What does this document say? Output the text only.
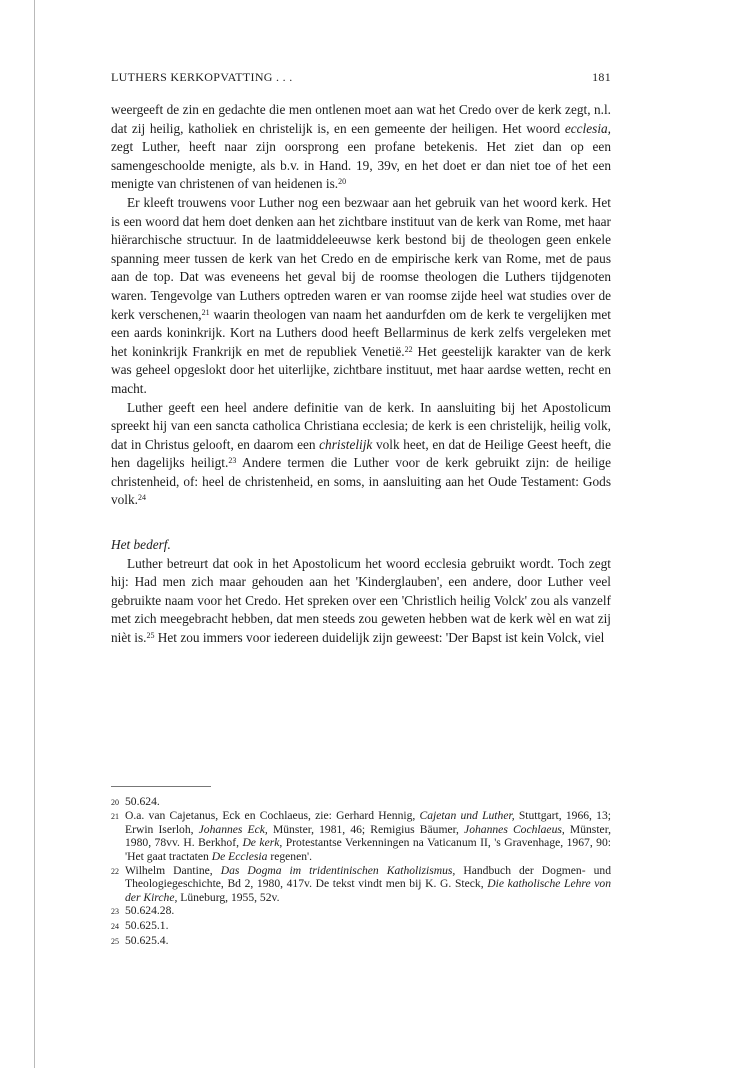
LUTHERS KERKOPVATTING . . .	181

weergeeft de zin en gedachte die men ontlenen moet aan wat het Credo over de kerk zegt, n.l. dat zij heilig, katholiek en christelijk is, en een gemeente der heiligen. Het woord ecclesia, zegt Luther, heeft naar zijn oorsprong een profane betekenis. Het ziet dan op een samengeschoolde menigte, als b.v. in Hand. 19, 39v, en het doet er dan niet toe of het een menigte van christenen of van heidenen is.$^{20}$

Er kleeft trouwens voor Luther nog een bezwaar aan het gebruik van het woord kerk. Het is een woord dat hem doet denken aan het zichtbare instituut van de kerk van Rome, met haar hiërarchische structuur. In de laatmiddeleeuwse kerk bestond bij de theologen geen enkele spanning meer tussen de kerk van het Credo en de empirische kerk van Rome, met de paus aan de top. Dat was eveneens het geval bij de roomse theologen die Luthers tijdgenoten waren. Tengevolge van Luthers optreden waren er van roomse zijde heel wat studies over de kerk verschenen,$^{21}$ waarin theologen van naam het aandurfden om de kerk te vergelijken met een aards koninkrijk. Kort na Luthers dood heeft Bellarminus de kerk zelfs vergeleken met het koninkrijk Frankrijk en met de republiek Venetië.$^{22}$ Het geestelijk karakter van de kerk was geheel opgeslokt door het uiterlijke, zichtbare instituut, met haar aardse wetten, recht en macht.

Luther geeft een heel andere definitie van de kerk. In aansluiting bij het Apostolicum spreekt hij van een sancta catholica Christiana ecclesia; de kerk is een christelijk, heilig volk, dat in Christus gelooft, en daarom een christelijk volk heet, en dat de Heilige Geest heeft, die hen dagelijks heiligt.$^{23}$ Andere termen die Luther voor de kerk gebruikt zijn: de heilige christenheid, of: heel de christenheid, en soms, in aansluiting aan het Oude Testament: Gods volk.$^{24}$

Het bederf.

Luther betreurt dat ook in het Apostolicum het woord ecclesia gebruikt wordt. Toch zegt hij: Had men zich maar gehouden aan het 'Kinderglauben', een andere, door Luther veel gebruikte naam voor het Credo. Het spreken over een 'Christlich heilig Volck' zou als vanzelf met zich meegebracht hebben, dat men steeds zou geweten hebben wat de kerk wèl en wat zij nièt is.$^{25}$ Het zou immers voor iedereen duidelijk zijn geweest: 'Der Bapst ist kein Volck, viel

20 50.624.
21 O.a. van Cajetanus, Eck en Cochlaeus, zie: Gerhard Hennig, Cajetan und Luther, Stuttgart, 1966, 13; Erwin Iserloh, Johannes Eck, Münster, 1981, 46; Remigius Bäumer, Johannes Cochlaeus, Münster, 1980, 78vv. H. Berkhof, De kerk, Protestantse Verkenningen na Vaticanum II, 's Gravenhage, 1967, 90: 'Het gaat tractaten De Ecclesia regenen'.
22 Wilhelm Dantine, Das Dogma im tridentinischen Katholizismus, Handbuch der Dogmen- und Theologiegeschichte, Bd 2, 1980, 417v. De tekst vindt men bij K. G. Steck, Die katholische Lehre von der Kirche, Lüneburg, 1955, 52v.
23 50.624.28.
24 50.625.1.
25 50.625.4.
